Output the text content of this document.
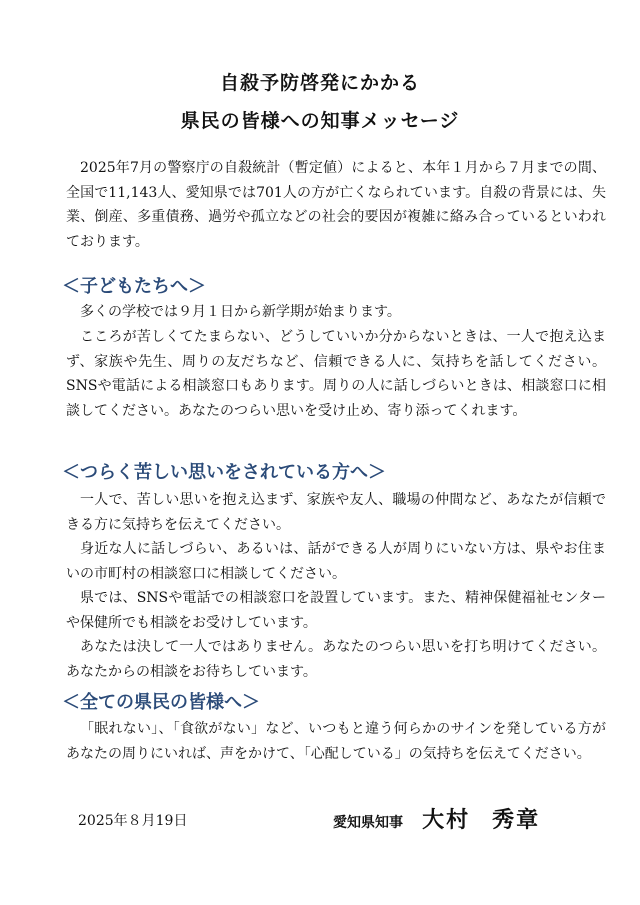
自殺予防啓発にかかる
県民の皆様への知事メッセージ

2025年7月の警察庁の自殺統計（暫定値）によると、本年１月から７月までの間、全国で11,143人、愛知県では701人の方が亡くなられています。自殺の背景には、失業、倒産、多重債務、過労や孤立などの社会的要因が複雑に絡み合っているといわれております。

＜子どもたちへ＞

多くの学校では９月１日から新学期が始まります。

こころが苦しくてたまらない、どうしていいか分からないときは、一人で抱え込まず、家族や先生、周りの友だちなど、信頼できる人に、気持ちを話してください。SNSや電話による相談窓口もあります。周りの人に話しづらいときは、相談窓口に相談してください。あなたのつらい思いを受け止め、寄り添ってくれます。

＜つらく苦しい思いをされている方へ＞

一人で、苦しい思いを抱え込まず、家族や友人、職場の仲間など、あなたが信頼できる方に気持ちを伝えてください。

身近な人に話しづらい、あるいは、話ができる人が周りにいない方は、県やお住まいの市町村の相談窓口に相談してください。

県では、SNSや電話での相談窓口を設置しています。また、精神保健福祉センターや保健所でも相談をお受けしています。

あなたは決して一人ではありません。あなたのつらい思いを打ち明けてください。あなたからの相談をお待ちしています。

＜全ての県民の皆様へ＞

「眠れない」、「食欲がない」など、いつもと違う何らかのサインを発している方があなたの周りにいれば、声をかけて、「心配している」の気持ちを伝えてください。

2025年８月19日	愛知県知事 大村 秀章
